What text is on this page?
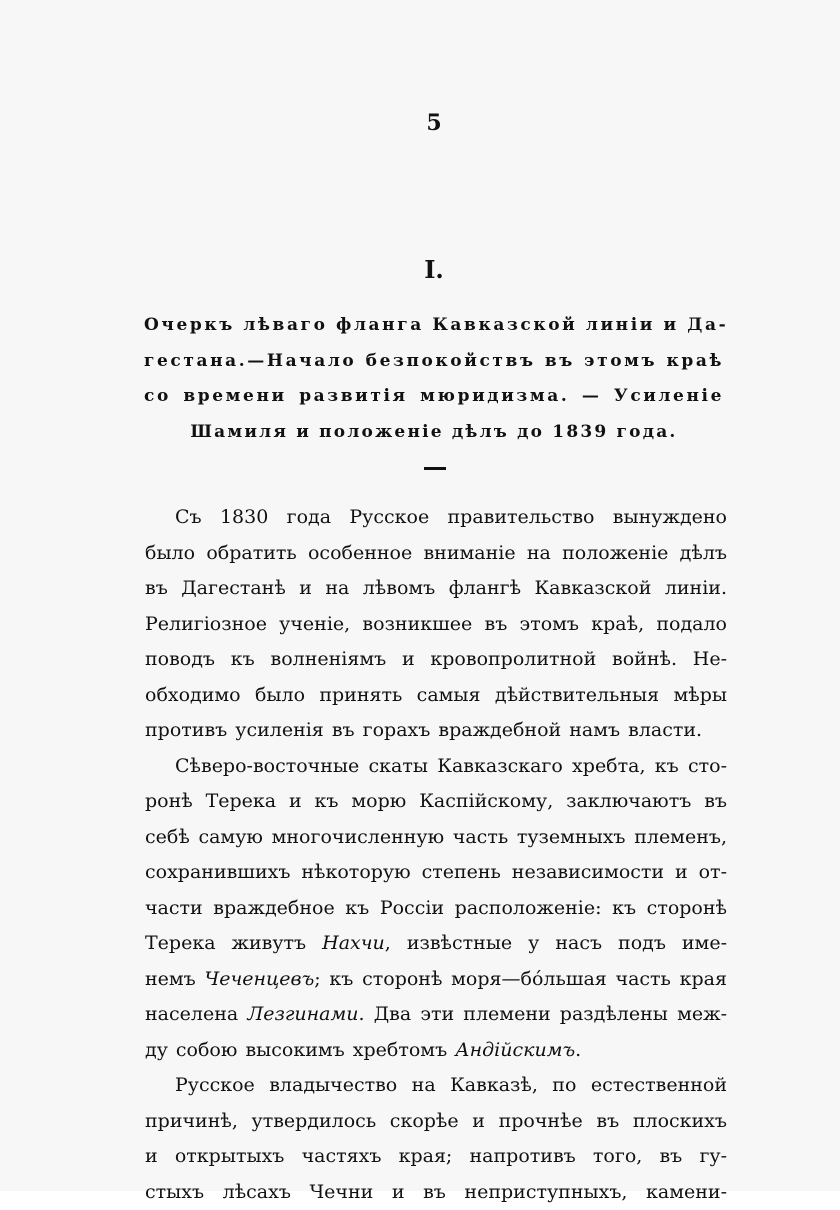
5
I.
Очеркъ лѣваго фланга Кавказской линіи и Да-
гестана.—Начало безпокойствъ въ этомъ краѣ
со времени развитія мюридизма. — Усиленіе
Шамиля и положеніе дѣлъ до 1839 года.
Съ 1830 года Русское правительство вынуждено
было обратить особенное вниманіе на положеніе дѣлъ
въ Дагестанѣ и на лѣвомъ флангѣ Кавказской линіи.
Религіозное ученіе, возникшее въ этомъ краѣ, подало
поводъ къ волненіямъ и кровопролитной войнѣ. Не-
обходимо было принять самыя дѣйствительныя мѣры
противъ усиленія въ горахъ враждебной намъ власти.
Сѣверо-восточные скаты Кавказскаго хребта, къ сто-
ронѣ Терека и къ морю Каспійскому, заключаютъ въ
себѣ самую многочисленную часть туземныхъ племенъ,
сохранившихъ нѣкоторую степень независимости и от-
части враждебное къ Россіи расположеніе: къ сторонѣ
Терека живутъ Нахчи, извѣстные у насъ подъ име-
немъ Чеченцевъ; къ сторонѣ моря—бо́льшая часть края
населена Лезгинами. Два эти племени раздѣлены меж-
ду собою высокимъ хребтомъ Андійскимъ.
Русское владычество на Кавказѣ, по естественной
причинѣ, утвердилось скорѣе и прочнѣе въ плоскихъ
и открытыхъ частяхъ края; напротивъ того, въ гу-
стыхъ лѣсахъ Чечни и въ неприступныхъ, камени-
